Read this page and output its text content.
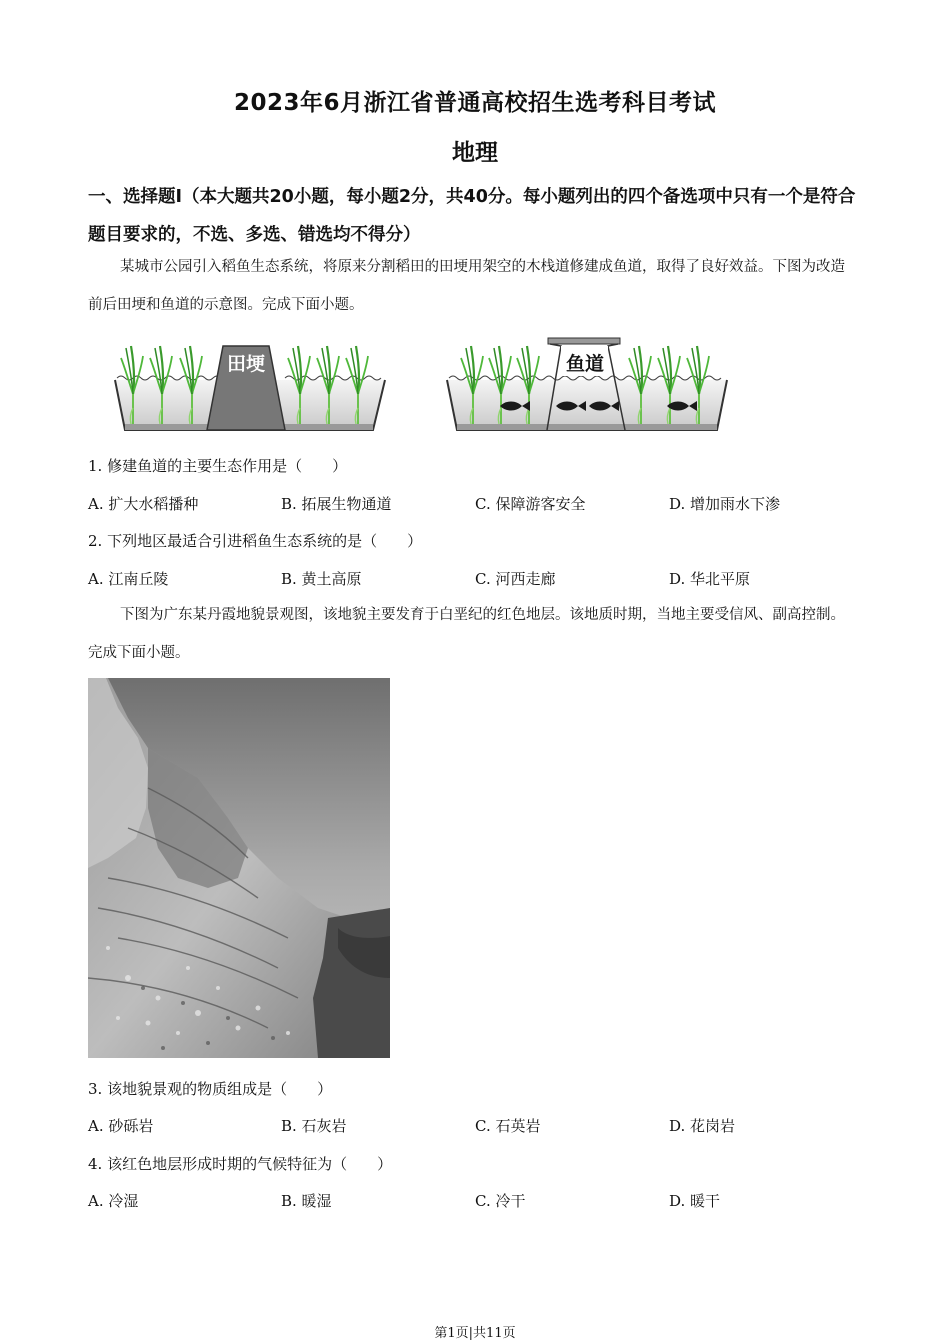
2023年6月浙江省普通高校招生选考科目考试
地理
一、选择题Ⅰ（本大题共20小题，每小题2分，共40分。每小题列出的四个备选项中只有一个是符合题目要求的，不选、多选、错选均不得分）
某城市公园引入稻鱼生态系统，将原来分割稻田的田埂用架空的木栈道修建成鱼道，取得了良好效益。下图为改造前后田埂和鱼道的示意图。完成下面小题。
田埂	鱼道
1. 修建鱼道的主要生态作用是（　　）
A. 扩大水稻播种	B. 拓展生物通道	C. 保障游客安全	D. 增加雨水下渗
2. 下列地区最适合引进稻鱼生态系统的是（　　）
A. 江南丘陵	B. 黄土高原	C. 河西走廊	D. 华北平原
下图为广东某丹霞地貌景观图，该地貌主要发育于白垩纪的红色地层。该地质时期，当地主要受信风、副高控制。完成下面小题。
3. 该地貌景观的物质组成是（　　）
A. 砂砾岩	B. 石灰岩	C. 石英岩	D. 花岗岩
4. 该红色地层形成时期的气候特征为（　　）
A. 冷湿	B. 暖湿	C. 冷干	D. 暖干
第1页|共11页
